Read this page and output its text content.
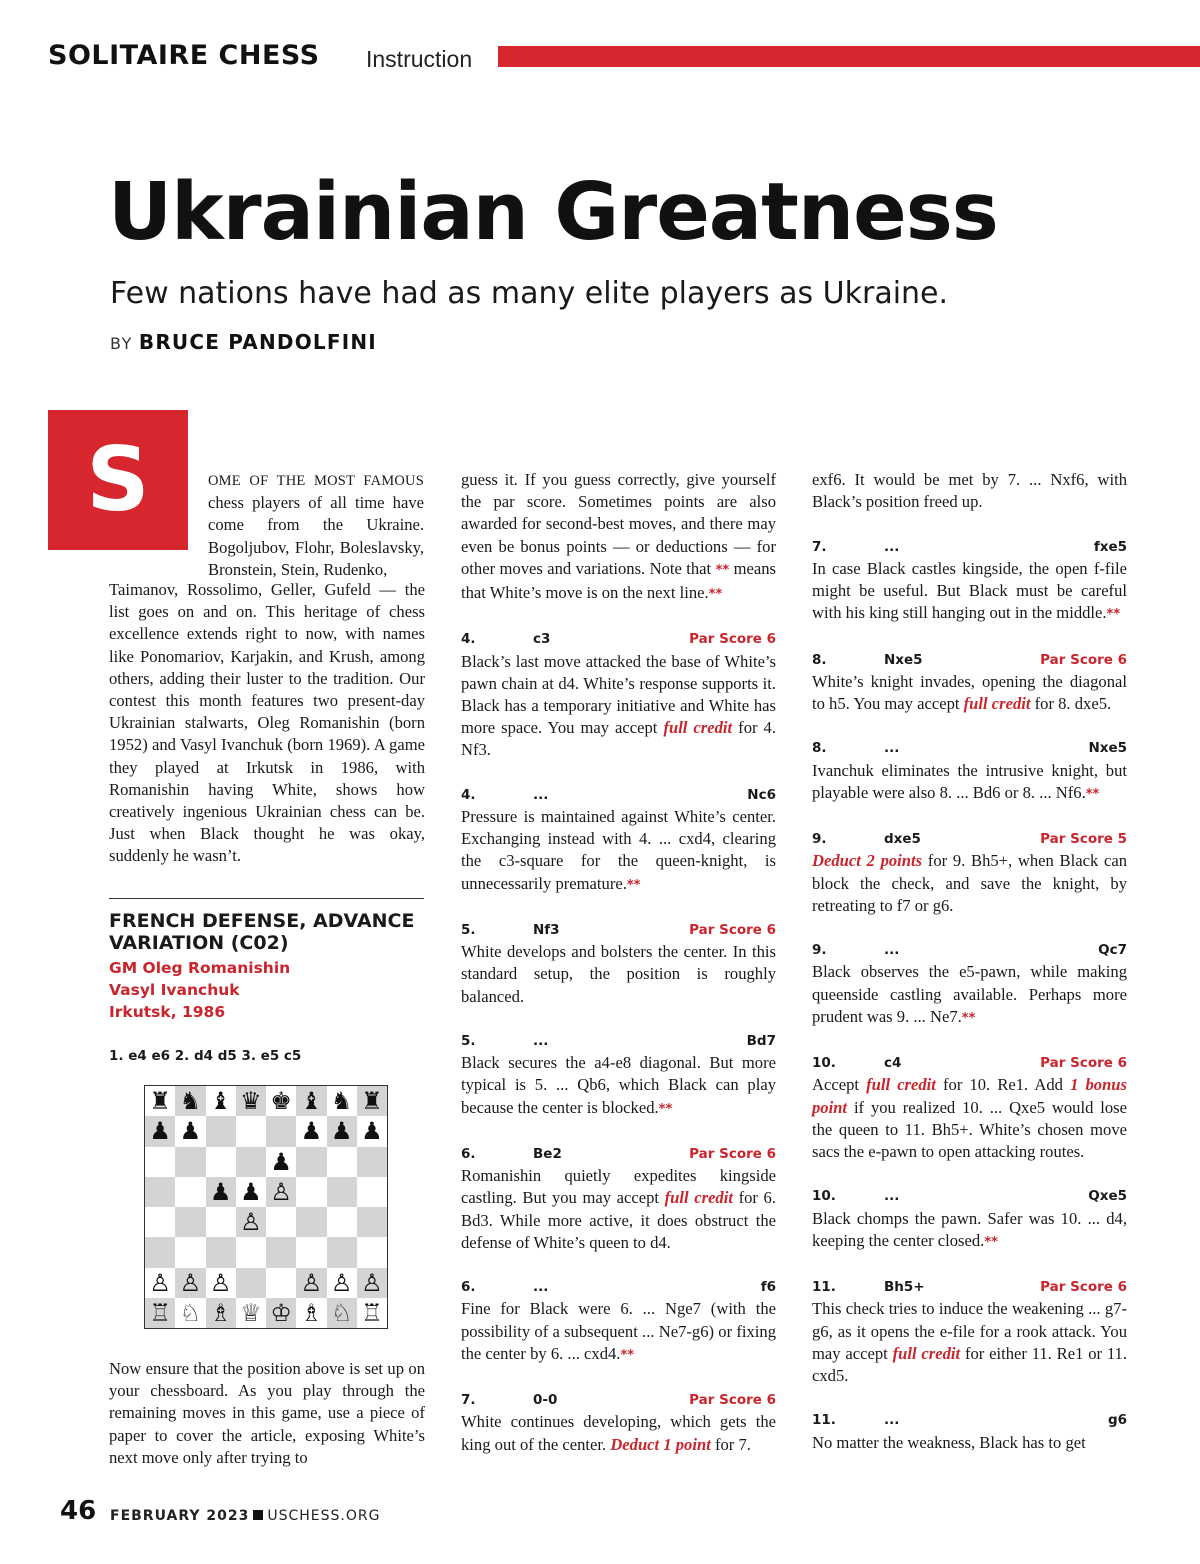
SOLITAIRE CHESS Instruction
Ukrainian Greatness
Few nations have had as many elite players as Ukraine.
BY BRUCE PANDOLFINI
S	OME OF THE MOST FAMOUS chess players of all time have come from the Ukraine. Bogoljubov, Flohr, Boleslavsky, Bronstein, Stein, Rudenko,
Taimanov, Rossolimo, Geller, Gufeld — the list goes on and on. This heritage of chess excellence extends right to now, with names like Ponomariov, Karjakin, and Krush, among others, adding their luster to the tradition. Our contest this month features two present-day Ukrainian stalwarts, Oleg Romanishin (born 1952) and Vasyl Ivanchuk (born 1969). A game they played at Irkutsk in 1986, with Romanishin having White, shows how creatively ingenious Ukrainian chess can be. Just when Black thought he was okay, suddenly he wasn’t.
FRENCH DEFENSE, ADVANCE VARIATION (C02)
GM Oleg Romanishin
Vasyl Ivanchuk
Irkutsk, 1986
1. e4 e6 2. d4 d5 3. e5 c5
♜ ♞ ♝ ♛ ♚ ♝ ♞ ♜
♟ ♟	♟ ♟ ♟
♟
♟ ♟ ♙
♙
♙ ♙ ♙	♙ ♙ ♙
♖ ♘ ♗ ♕ ♔ ♗ ♘ ♖
Now ensure that the position above is set up on your chessboard. As you play through the remaining moves in this game, use a piece of paper to cover the article, exposing White’s next move only after trying to

guess it. If you guess correctly, give yourself the par score. Sometimes points are also awarded for second-best moves, and there may even be bonus points — or deductions — for other moves and variations. Note that ** means that White’s move is on the next line.**

4.	c3	Par Score 6

Black’s last move attacked the base of White’s pawn chain at d4. White’s response supports it. Black has a temporary initiative and White has more space. You may accept full credit for 4. Nf3.

4.	...	Nc6

Pressure is maintained against White’s center. Exchanging instead with 4. ... cxd4, clearing the c3-square for the queen-knight, is unnecessarily premature.**

5.	Nf3	Par Score 6

White develops and bolsters the center. In this standard setup, the position is roughly balanced.

5.	...	Bd7

Black secures the a4-e8 diagonal. But more typical is 5. ... Qb6, which Black can play because the center is blocked.**

6.	Be2	Par Score 6

Romanishin quietly expedites kingside castling. But you may accept full credit for 6. Bd3. While more active, it does obstruct the defense of White’s queen to d4.

6.	...	f6

Fine for Black were 6. ... Nge7 (with the possibility of a subsequent ... Ne7-g6) or fixing the center by 6. ... cxd4.**

7.	0-0	Par Score 6

White continues developing, which gets the king out of the center. Deduct 1 point for 7.

exf6. It would be met by 7. ... Nxf6, with Black’s position freed up.

7.	...	fxe5

In case Black castles kingside, the open f-file might be useful. But Black must be careful with his king still hanging out in the middle.**

8.	Nxe5	Par Score 6

White’s knight invades, opening the diagonal to h5. You may accept full credit for 8. dxe5.

8.	...	Nxe5

Ivanchuk eliminates the intrusive knight, but playable were also 8. ... Bd6 or 8. ... Nf6.**

9.	dxe5	Par Score 5

Deduct 2 points for 9. Bh5+, when Black can block the check, and save the knight, by retreating to f7 or g6.

9.	...	Qc7

Black observes the e5-pawn, while making queenside castling available. Perhaps more prudent was 9. ... Ne7.**

10.	c4	Par Score 6

Accept full credit for 10. Re1. Add 1 bonus point if you realized 10. ... Qxe5 would lose the queen to 11. Bh5+. White’s chosen move sacs the e-pawn to open attacking routes.

10.	...	Qxe5

Black chomps the pawn. Safer was 10. ... d4, keeping the center closed.**

11.	Bh5+	Par Score 6

This check tries to induce the weakening ... g7-g6, as it opens the e-file for a rook attack. You may accept full credit for either 11. Re1 or 11. cxd5.

11.	...	g6

No matter the weakness, Black has to get

46 FEBRUARY 2023 USCHESS.ORG
